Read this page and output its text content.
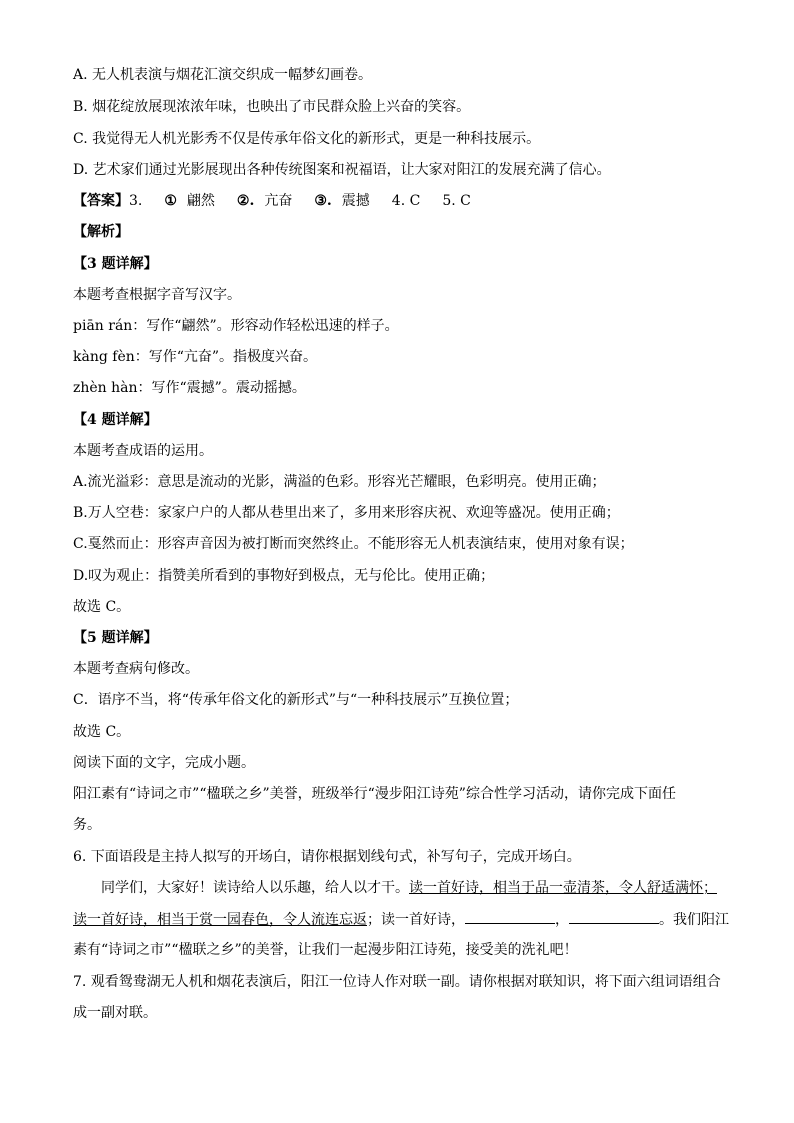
A. 无人机表演与烟花汇演交织成一幅梦幻画卷。
B. 烟花绽放展现浓浓年味，也映出了市民群众脸上兴奋的笑容。
C. 我觉得无人机光影秀不仅是传承年俗文化的新形式，更是一种科技展示。
D. 艺术家们通过光影展现出各种传统图案和祝福语，让大家对阳江的发展充满了信心。
【答案】3. ① 翩然 ②. 亢奋 ③. 震撼 4. C 5. C
【解析】
【3 题详解】
本题考查根据字音写汉字。
piān rán：写作“翩然”。形容动作轻松迅速的样子。
kàng fèn：写作“亢奋”。指极度兴奋。
zhèn hàn：写作“震撼”。震动摇撼。
【4 题详解】
本题考查成语的运用。
A.流光溢彩：意思是流动的光影，满溢的色彩。形容光芒耀眼，色彩明亮。使用正确；
B.万人空巷：家家户户的人都从巷里出来了，多用来形容庆祝、欢迎等盛况。使用正确；
C.戛然而止：形容声音因为被打断而突然终止。不能形容无人机表演结束，使用对象有误；
D.叹为观止：指赞美所看到的事物好到极点，无与伦比。使用正确；
故选 C。
【5 题详解】
本题考查病句修改。
C．语序不当，将“传承年俗文化的新形式”与“一种科技展示”互换位置；
故选 C。
阅读下面的文字，完成小题。
阳江素有“诗词之市”“楹联之乡”美誉，班级举行“漫步阳江诗苑”综合性学习活动，请你完成下面任
务。
6. 下面语段是主持人拟写的开场白，请你根据划线句式，补写句子，完成开场白。
同学们，大家好！读诗给人以乐趣，给人以才干。读一首好诗，相当于品一壶清茶，令人舒适满怀；
读一首好诗，相当于赏一园春色，令人流连忘返；读一首好诗，	，	。我们阳江
素有“诗词之市”“楹联之乡”的美誉，让我们一起漫步阳江诗苑，接受美的洗礼吧！
7. 观看鸳鸯湖无人机和烟花表演后，阳江一位诗人作对联一副。请你根据对联知识，将下面六组词语组合
成一副对联。
